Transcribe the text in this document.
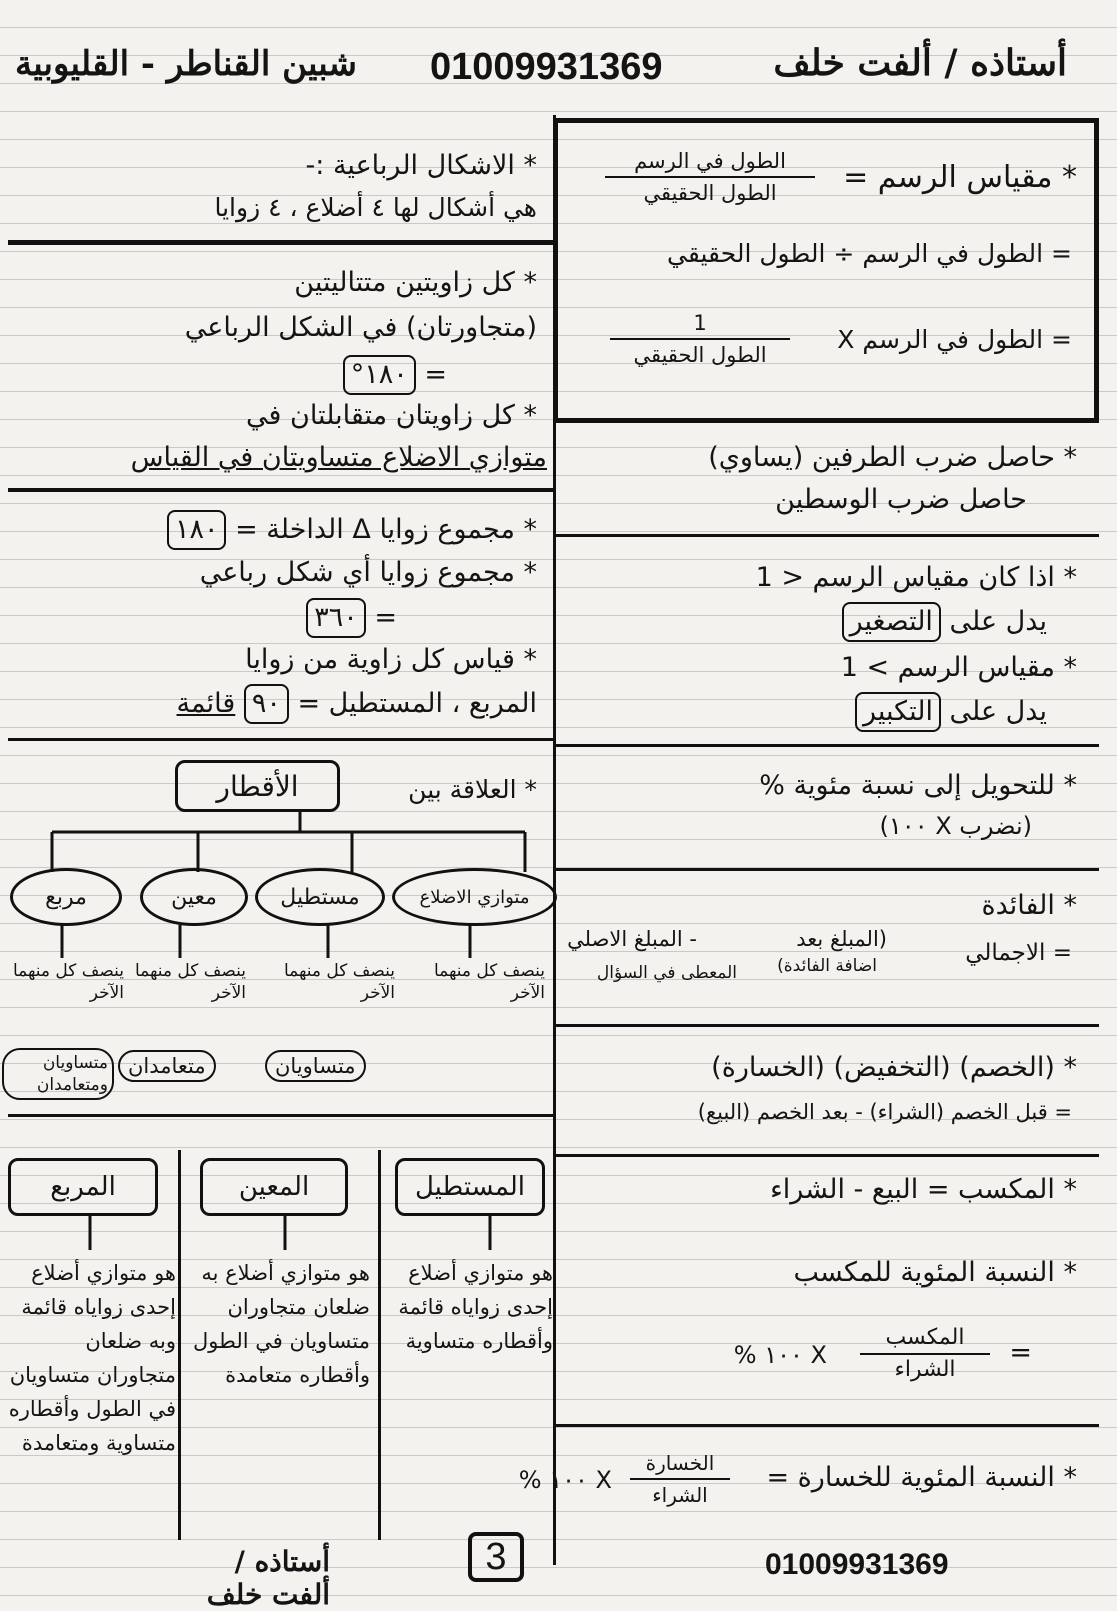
أستاذه / ألفت خلف
01009931369
شبين القناطر - القليوبية
* مقياس الرسم =
الطول في الرسم
الطول الحقيقي
= الطول في الرسم ÷ الطول الحقيقي
= الطول في الرسم X
1
الطول الحقيقي
* حاصل ضرب الطرفين (يساوي)
حاصل ضرب الوسطين
* اذا كان مقياس الرسم < 1
يدل على التصغير
* مقياس الرسم > 1
يدل على التكبير
* للتحويل إلى نسبة مئوية %
(نضرب X ١٠٠)
* الفائدة
= الاجمالي
(المبلغ بعد
اضافة الفائدة)
- المبلغ الاصلي
المعطى في السؤال
* (الخصم) (التخفيض) (الخسارة)
= قبل الخصم (الشراء) - بعد الخصم (البيع)
* المكسب = البيع - الشراء
* النسبة المئوية للمكسب
=
المكسب
الشراء
X ١٠٠ %
* النسبة المئوية للخسارة =
الخسارة
الشراء
X ١٠٠ %
* الاشكال الرباعية :-
هي أشكال لها ٤ أضلاع ، ٤ زوايا
* كل زاويتين متتاليتين
(متجاورتان) في الشكل الرباعي
= ١٨٠°
* كل زاويتان متقابلتان في
متوازي الاضلاع متساويتان في القياس
* مجموع زوايا Δ الداخلة = ١٨٠
* مجموع زوايا أي شكل رباعي
= ٣٦٠
* قياس كل زاوية من زوايا
المربع ، المستطيل = ٩٠ قائمة
* العلاقة بين
الأقطار
متوازي الاضلاع
مستطيل
معين
مربع
ينصف كل منهما الآخر
ينصف كل منهما الآخر
ينصف كل منهما الآخر
ينصف كل منهما الآخر
متساويان
متعامدان
متساويان ومتعامدان
المستطيل
المعين
المربع
هو متوازي أضلاع إحدى زواياه قائمة وأقطاره متساوية
هو متوازي أضلاع به ضلعان متجاوران متساويان في الطول وأقطاره متعامدة
هو متوازي أضلاع إحدى زواياه قائمة وبه ضلعان متجاوران متساويان في الطول وأقطاره متساوية ومتعامدة
3
أستاذه / ألفت خلف
01009931369
